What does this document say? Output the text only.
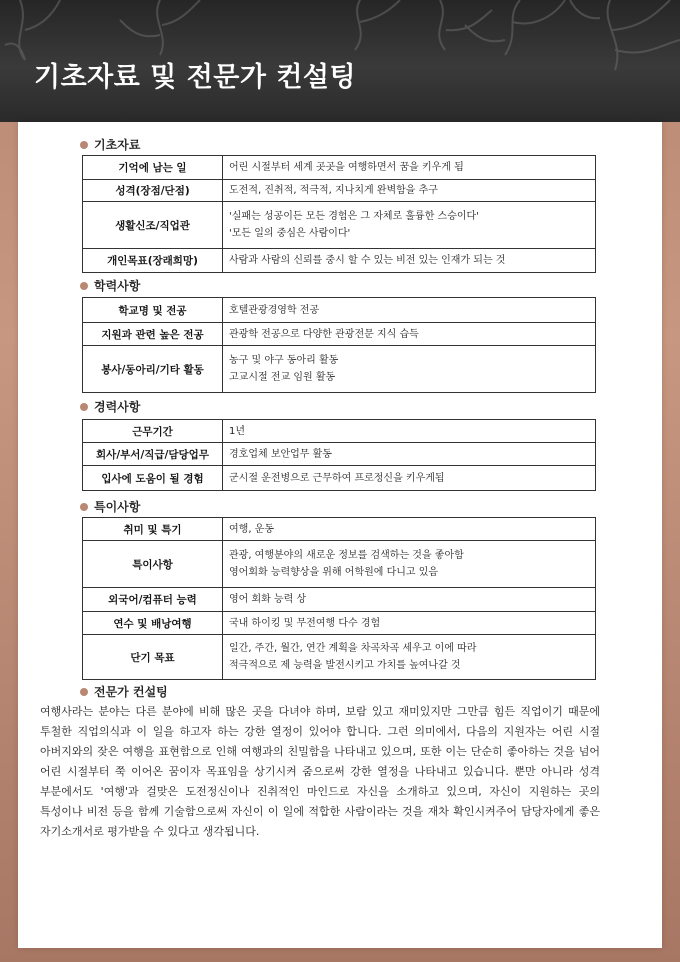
기초자료 및 전문가 컨설팅
기초자료
기억에 남는 일	어린 시절부터 세계 곳곳을 여행하면서 꿈을 키우게 됨

성격(장점/단점)	도전적, 진취적, 적극적, 지나치게 완벽함을 추구

생활신조/직업관	'실패는 성공이든 모든 경험은 그 자체로 훌륭한 스승이다'
'모든 일의 중심은 사람이다'

개인목표(장래희망)	사람과 사람의 신뢰를 중시 할 수 있는 비전 있는 인재가 되는 것
학력사항
학교명 및 전공	호텔관광경영학 전공

지원과 관련 높은 전공	관광학 전공으로 다양한 관광전문 지식 습득

봉사/동아리/기타 활동	농구 및 야구 동아리 활동
고교시절 전교 임원 활동
경력사항
근무기간	1년

회사/부서/직급/담당업무	경호업체 보안업무 활동

입사에 도움이 될 경험	군시절 운전병으로 근무하여 프로정신을 키우게됨
특이사항
취미 및 특기	여행, 운동

특이사항	관광, 여행분야의 새로운 정보를 검색하는 것을 좋아함
영어회화 능력향상을 위해 어학원에 다니고 있음

외국어/컴퓨터 능력	영어 회화 능력 상

연수 및 배낭여행	국내 하이킹 및 무전여행 다수 경험

단기 목표	일간, 주간, 월간, 연간 계획을 차곡차곡 세우고 이에 따라
적극적으로 제 능력을 발전시키고 가치를 높여나갈 것
전문가 컨설팅
여행사라는 분야는 다른 분야에 비해 많은 곳을 다녀야 하며, 보람 있고 재미있지만 그만큼 힘든 직업이기 때문에 투철한 직업의식과 이 일을 하고자 하는 강한 열정이 있어야 합니다. 그런 의미에서, 다음의 지원자는 어린 시절 아버지와의 잦은 여행을 표현함으로 인해 여행과의 친밀함을 나타내고 있으며, 또한 이는 단순히 좋아하는 것을 넘어 어린 시절부터 쭉 이어온 꿈이자 목표임을 상기시켜 줌으로써 강한 열정을 나타내고 있습니다. 뿐만 아니라 성격 부분에서도 '여행'과 걸맞은 도전정신이나 진취적인 마인드로 자신을 소개하고 있으며, 자신이 지원하는 곳의 특성이나 비전 등을 함께 기술함으로써 자신이 이 일에 적합한 사람이라는 것을 재차 확인시켜주어 담당자에게 좋은 자기소개서로 평가받을 수 있다고 생각됩니다.
